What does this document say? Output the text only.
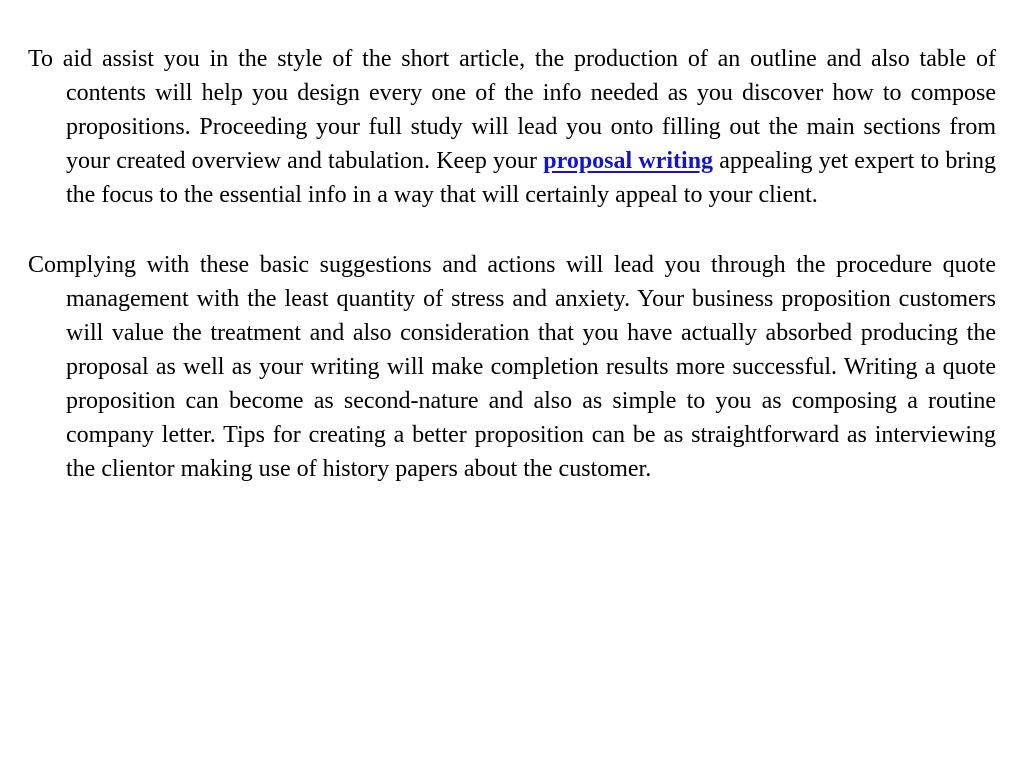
To aid assist you in the style of the short article, the production of an outline and also table of contents will help you design every one of the info needed as you discover how to compose propositions. Proceeding your full study will lead you onto filling out the main sections from your created overview and tabulation. Keep your proposal writing appealing yet expert to bring the focus to the essential info in a way that will certainly appeal to your client.

Complying with these basic suggestions and actions will lead you through the procedure quote management with the least quantity of stress and anxiety. Your business proposition customers will value the treatment and also consideration that you have actually absorbed producing the proposal as well as your writing will make completion results more successful. Writing a quote proposition can become as second-nature and also as simple to you as composing a routine company letter. Tips for creating a better proposition can be as straightforward as interviewing the clientor making use of history papers about the customer.
